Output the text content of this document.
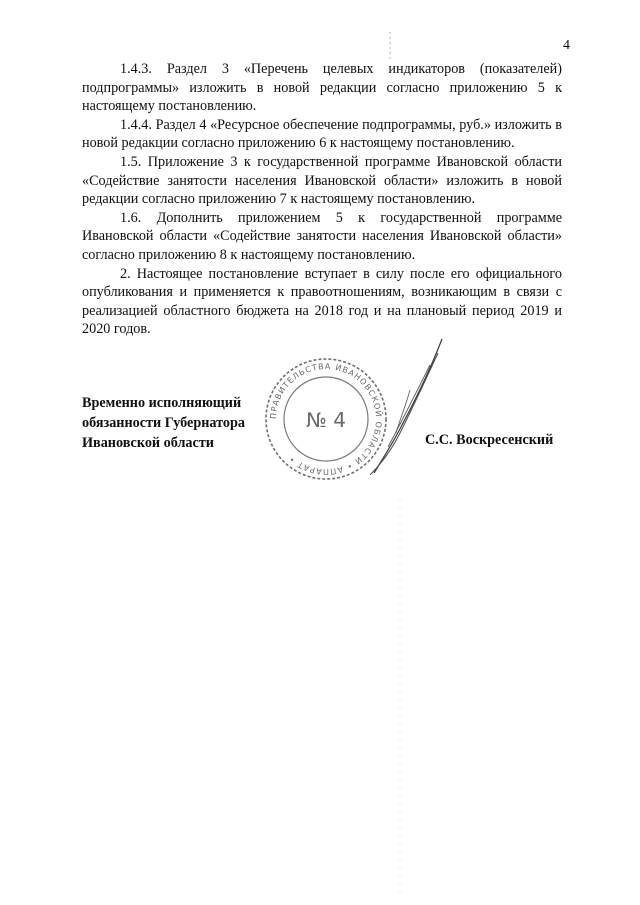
4

1.4.3. Раздел 3 «Перечень целевых индикаторов (показателей) подпрограммы» изложить в новой редакции согласно приложению 5 к настоящему постановлению.

1.4.4. Раздел 4 «Ресурсное обеспечение подпрограммы, руб.» изложить в новой редакции согласно приложению 6 к настоящему постановлению.

1.5. Приложение 3 к государственной программе Ивановской области «Содействие занятости населения Ивановской области» изложить в новой редакции согласно приложению 7 к настоящему постановлению.

1.6. Дополнить приложением 5 к государственной программе Ивановской области «Содействие занятости населения Ивановской области» согласно приложению 8 к настоящему постановлению.

2. Настоящее постановление вступает в силу после его официального опубликования и применяется к правоотношениям, возникающим в связи с реализацией областного бюджета на 2018 год и на плановый период 2019 и 2020 годов.

Временно исполняющий
обязанности Губернатора
Ивановской области
ПРАВИТЕЛЬСТВА ИВАНОВСКОЙ ОБЛАСТИ • АППАРАТ •
№ 4
С.С. Воскресенский
